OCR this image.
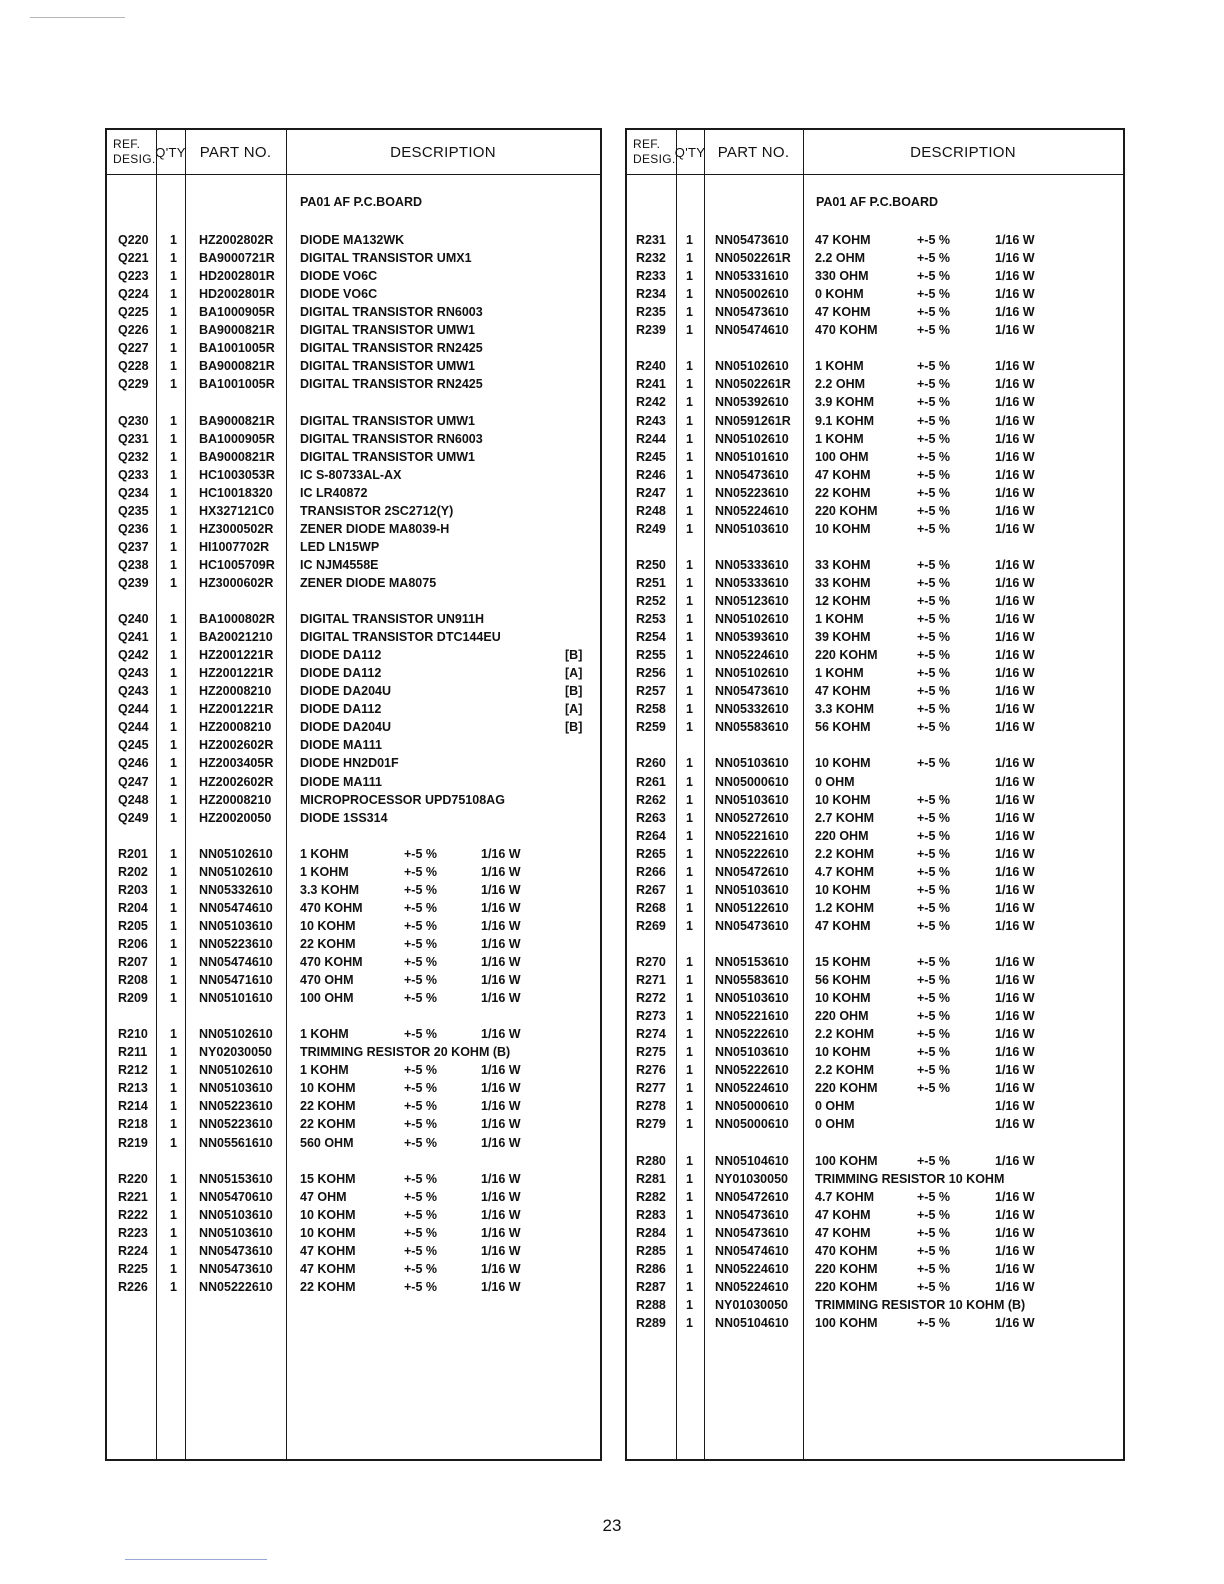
REF.
DESIG. Q'TY PART NO.	DESCRIPTION
PA01 AF P.C.BOARD
Q220 1 HZ2002802R DIODE MA132WK
Q221 1 BA9000721R DIGITAL TRANSISTOR UMX1
Q223 1 HD2002801R DIODE VO6C
Q224 1 HD2002801R DIODE VO6C
Q225 1 BA1000905R DIGITAL TRANSISTOR RN6003
Q226 1 BA9000821R DIGITAL TRANSISTOR UMW1
Q227 1 BA1001005R DIGITAL TRANSISTOR RN2425
Q228 1 BA9000821R DIGITAL TRANSISTOR UMW1
Q229 1 BA1001005R DIGITAL TRANSISTOR RN2425
Q230 1 BA9000821R DIGITAL TRANSISTOR UMW1
Q231 1 BA1000905R DIGITAL TRANSISTOR RN6003
Q232 1 BA9000821R DIGITAL TRANSISTOR UMW1
Q233 1 HC1003053R IC S-80733AL-AX
Q234 1 HC10018320 IC LR40872
Q235 1 HX327121C0 TRANSISTOR 2SC2712(Y)
Q236 1 HZ3000502R ZENER DIODE MA8039-H
Q237 1 HI1007702R LED LN15WP
Q238 1 HC1005709R IC NJM4558E
Q239 1 HZ3000602R ZENER DIODE MA8075
Q240 1 BA1000802R DIGITAL TRANSISTOR UN911H
Q241 1 BA20021210 DIGITAL TRANSISTOR DTC144EU
Q242 1 HZ2001221R DIODE DA112	[B]
Q243 1 HZ2001221R DIODE DA112	[A]
Q243 1 HZ20008210 DIODE DA204U	[B]
Q244 1 HZ2001221R DIODE DA112	[A]
Q244 1 HZ20008210 DIODE DA204U	[B]
Q245 1 HZ2002602R DIODE MA111
Q246 1 HZ2003405R DIODE HN2D01F
Q247 1 HZ2002602R DIODE MA111
Q248 1 HZ20008210 MICROPROCESSOR UPD75108AG
Q249 1 HZ20020050 DIODE 1SS314
R201 1 NN05102610 1 KOHM	+-5 %	1/16 W
R202 1 NN05102610 1 KOHM	+-5 %	1/16 W
R203 1 NN05332610 3.3 KOHM	+-5 %	1/16 W
R204 1 NN05474610 470 KOHM	+-5 %	1/16 W
R205 1 NN05103610 10 KOHM	+-5 %	1/16 W
R206 1 NN05223610 22 KOHM	+-5 %	1/16 W
R207 1 NN05474610 470 KOHM	+-5 %	1/16 W
R208 1 NN05471610 470 OHM	+-5 %	1/16 W
R209 1 NN05101610 100 OHM	+-5 %	1/16 W
R210 1 NN05102610 1 KOHM	+-5 %	1/16 W
R211 1 NY02030050 TRIMMING RESISTOR 20 KOHM (B)
R212 1 NN05102610 1 KOHM	+-5 %	1/16 W
R213 1 NN05103610 10 KOHM	+-5 %	1/16 W
R214 1 NN05223610 22 KOHM	+-5 %	1/16 W
R218 1 NN05223610 22 KOHM	+-5 %	1/16 W
R219 1 NN05561610 560 OHM	+-5 %	1/16 W
R220 1 NN05153610 15 KOHM	+-5 %	1/16 W
R221 1 NN05470610 47 OHM	+-5 %	1/16 W
R222 1 NN05103610 10 KOHM	+-5 %	1/16 W
R223 1 NN05103610 10 KOHM	+-5 %	1/16 W
R224 1 NN05473610 47 KOHM	+-5 %	1/16 W
R225 1 NN05473610 47 KOHM	+-5 %	1/16 W
R226 1 NN05222610 22 KOHM	+-5 %	1/16 W
REF.
DESIG. Q'TY PART NO.	DESCRIPTION
PA01 AF P.C.BOARD
R231 1 NN05473610 47 KOHM	+-5 %	1/16 W
R232 1 NN0502261R 2.2 OHM	+-5 %	1/16 W
R233 1 NN05331610 330 OHM	+-5 %	1/16 W
R234 1 NN05002610 0 KOHM	+-5 %	1/16 W
R235 1 NN05473610 47 KOHM	+-5 %	1/16 W
R239 1 NN05474610 470 KOHM	+-5 %	1/16 W
R240 1 NN05102610 1 KOHM	+-5 %	1/16 W
R241 1 NN0502261R 2.2 OHM	+-5 %	1/16 W
R242 1 NN05392610 3.9 KOHM	+-5 %	1/16 W
R243 1 NN0591261R 9.1 KOHM	+-5 %	1/16 W
R244 1 NN05102610 1 KOHM	+-5 %	1/16 W
R245 1 NN05101610 100 OHM	+-5 %	1/16 W
R246 1 NN05473610 47 KOHM	+-5 %	1/16 W
R247 1 NN05223610 22 KOHM	+-5 %	1/16 W
R248 1 NN05224610 220 KOHM	+-5 %	1/16 W
R249 1 NN05103610 10 KOHM	+-5 %	1/16 W
R250 1 NN05333610 33 KOHM	+-5 %	1/16 W
R251 1 NN05333610 33 KOHM	+-5 %	1/16 W
R252 1 NN05123610 12 KOHM	+-5 %	1/16 W
R253 1 NN05102610 1 KOHM	+-5 %	1/16 W
R254 1 NN05393610 39 KOHM	+-5 %	1/16 W
R255 1 NN05224610 220 KOHM	+-5 %	1/16 W
R256 1 NN05102610 1 KOHM	+-5 %	1/16 W
R257 1 NN05473610 47 KOHM	+-5 %	1/16 W
R258 1 NN05332610 3.3 KOHM	+-5 %	1/16 W
R259 1 NN05583610 56 KOHM	+-5 %	1/16 W
R260 1 NN05103610 10 KOHM	+-5 %	1/16 W
R261 1 NN05000610 0 OHM	1/16 W
R262 1 NN05103610 10 KOHM	+-5 %	1/16 W
R263 1 NN05272610 2.7 KOHM	+-5 %	1/16 W
R264 1 NN05221610 220 OHM	+-5 %	1/16 W
R265 1 NN05222610 2.2 KOHM	+-5 %	1/16 W
R266 1 NN05472610 4.7 KOHM	+-5 %	1/16 W
R267 1 NN05103610 10 KOHM	+-5 %	1/16 W
R268 1 NN05122610 1.2 KOHM	+-5 %	1/16 W
R269 1 NN05473610 47 KOHM	+-5 %	1/16 W
R270 1 NN05153610 15 KOHM	+-5 %	1/16 W
R271 1 NN05583610 56 KOHM	+-5 %	1/16 W
R272 1 NN05103610 10 KOHM	+-5 %	1/16 W
R273 1 NN05221610 220 OHM	+-5 %	1/16 W
R274 1 NN05222610 2.2 KOHM	+-5 %	1/16 W
R275 1 NN05103610 10 KOHM	+-5 %	1/16 W
R276 1 NN05222610 2.2 KOHM	+-5 %	1/16 W
R277 1 NN05224610 220 KOHM	+-5 %	1/16 W
R278 1 NN05000610 0 OHM	1/16 W
R279 1 NN05000610 0 OHM	1/16 W
R280 1 NN05104610 100 KOHM	+-5 %	1/16 W
R281 1 NY01030050 TRIMMING RESISTOR 10 KOHM
R282 1 NN05472610 4.7 KOHM	+-5 %	1/16 W
R283 1 NN05473610 47 KOHM	+-5 %	1/16 W
R284 1 NN05473610 47 KOHM	+-5 %	1/16 W
R285 1 NN05474610 470 KOHM	+-5 %	1/16 W
R286 1 NN05224610 220 KOHM	+-5 %	1/16 W
R287 1 NN05224610 220 KOHM	+-5 %	1/16 W
R288 1 NY01030050 TRIMMING RESISTOR 10 KOHM (B)
R289 1 NN05104610 100 KOHM	+-5 %	1/16 W
23
